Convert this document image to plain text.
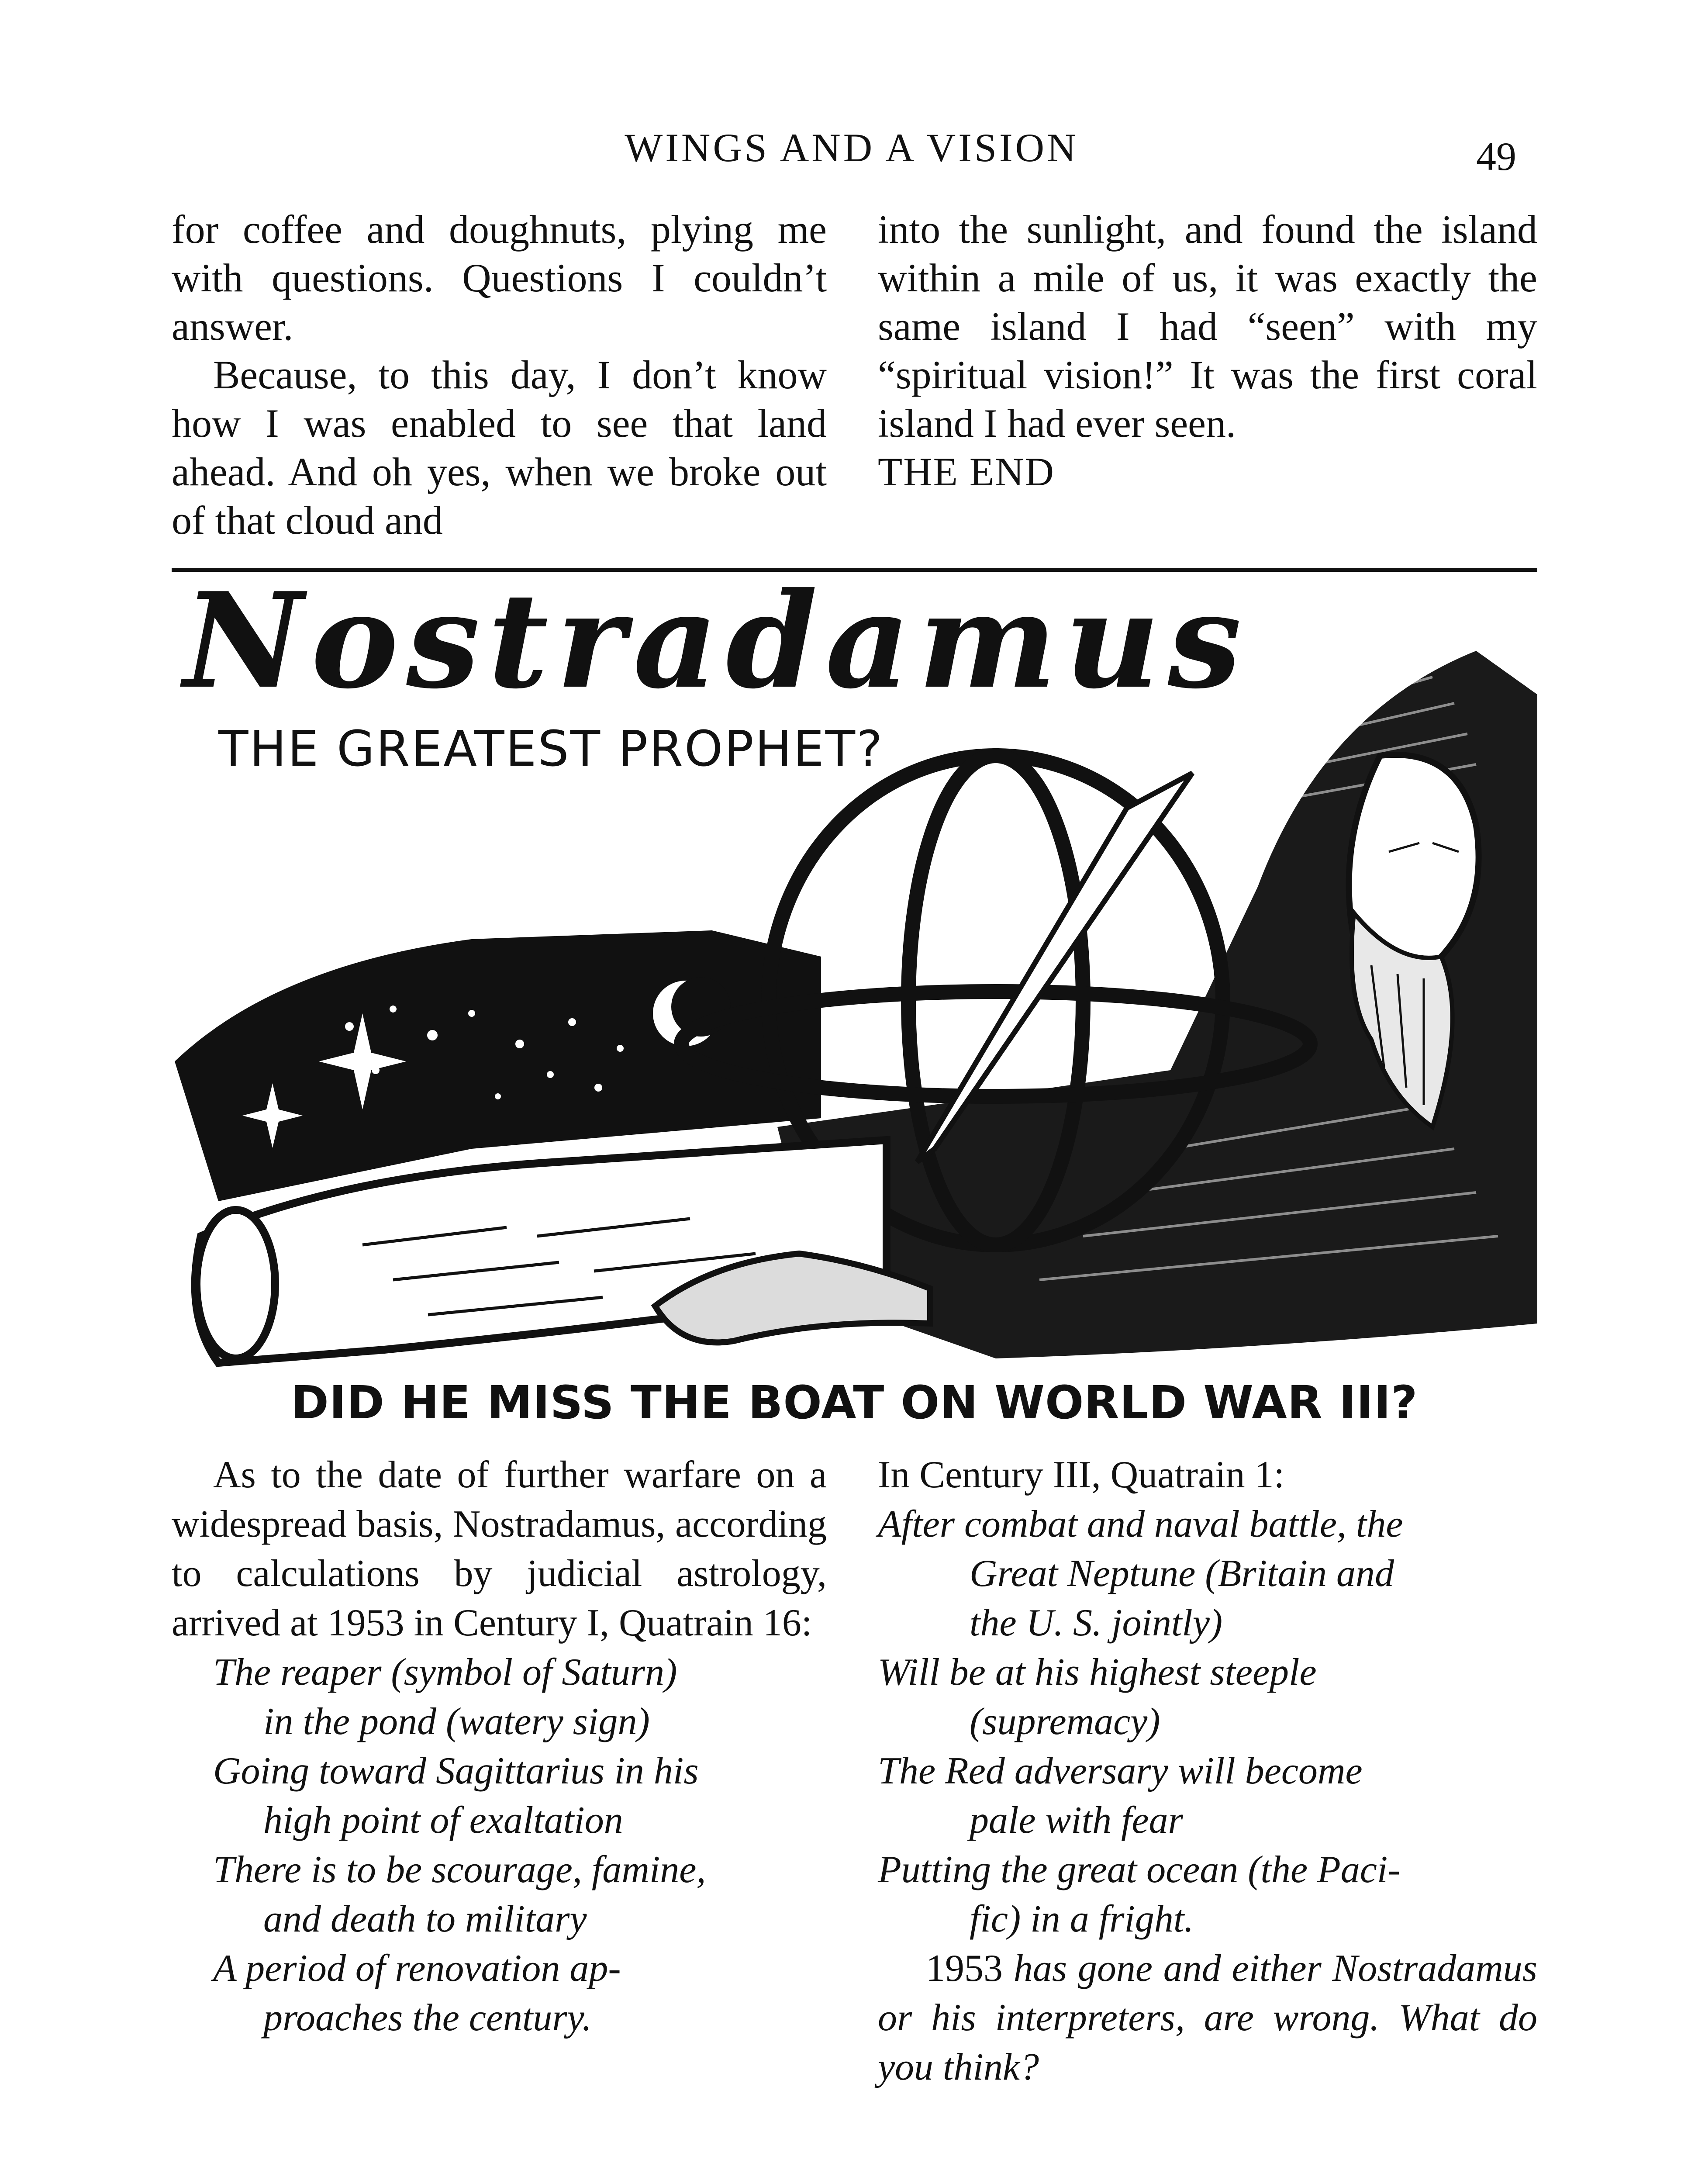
WINGS AND A VISION	49

for coffee and doughnuts, plying me with questions. Questions I couldn’t answer.

Because, to this day, I don’t know how I was enabled to see that land ahead. And oh yes, when we broke out of that cloud and

into the sunlight, and found the island within a mile of us, it was exactly the same island I had “seen” with my “spiritual vision!” It was the first coral island I had ever seen.

THE END

Nostradamus
THE GREATEST PROPHET?
DID HE MISS THE BOAT ON WORLD WAR III?

As to the date of further warfare on a widespread basis, Nostradamus, according to calculations by judicial astrology, arrived at 1953 in Century I, Quatrain 16:

The reaper (symbol of Saturn)
in the pond (watery sign)
Going toward Sagittarius in his
high point of exaltation
There is to be scourage, famine,
and death to military
A period of renovation ap-
proaches the century.

In Century III, Quatrain 1:

After combat and naval battle, the
Great Neptune (Britain and
the U. S. jointly)
Will be at his highest steeple
(supremacy)
The Red adversary will become
pale with fear
Putting the great ocean (the Paci-
fic) in a fright.

1953 has gone and either Nostradamus or his interpreters, are wrong. What do you think?
